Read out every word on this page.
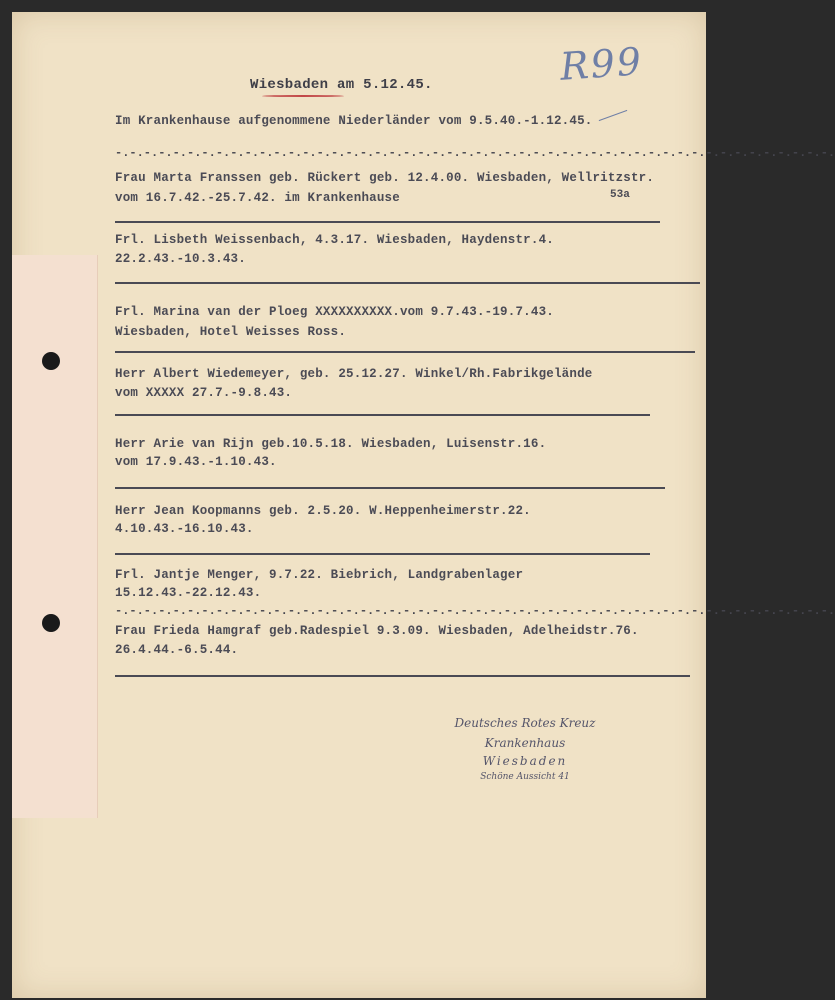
R99
Wiesbaden am 5.12.45.
Im Krankenhause aufgenommene Niederländer vom 9.5.40.-1.12.45.
-.-.-.-.-.-.-.-.-.-.-.-.-.-.-.-.-.-.-.-.-.-.-.-.-.-.-.-.-.-.-.-.-.-.-.-.-.-.-.-.-.-.-.-.-.-.-.-.-.-.
Frau Marta Franssen geb. Rückert geb. 12.4.00. Wiesbaden, Wellritzstr.
vom 16.7.42.-25.7.42. im Krankenhause	53a
Frl. Lisbeth Weissenbach, 4.3.17. Wiesbaden, Haydenstr.4.
22.2.43.-10.3.43.
Frl. Marina van der Ploeg XXXXXXXXXX.vom 9.7.43.-19.7.43.
Wiesbaden, Hotel Weisses Ross.
Herr Albert Wiedemeyer, geb. 25.12.27. Winkel/Rh.Fabrikgelände
vom XXXXX 27.7.-9.8.43.
Herr Arie van Rijn geb.10.5.18. Wiesbaden, Luisenstr.16.
vom 17.9.43.-1.10.43.
Herr Jean Koopmanns geb. 2.5.20. W.Heppenheimerstr.22.
4.10.43.-16.10.43.
Frl. Jantje Menger, 9.7.22. Biebrich, Landgrabenlager
15.12.43.-22.12.43.
-.-.-.-.-.-.-.-.-.-.-.-.-.-.-.-.-.-.-.-.-.-.-.-.-.-.-.-.-.-.-.-.-.-.-.-.-.-.-.-.-.-.-.-.-.-.-.-.-.-.
Frau Frieda Hamgraf geb.Radespiel 9.3.09. Wiesbaden, Adelheidstr.76.
26.4.44.-6.5.44.
Deutsches Rotes Kreuz
Krankenhaus
Wiesbaden
Schöne Aussicht 41
